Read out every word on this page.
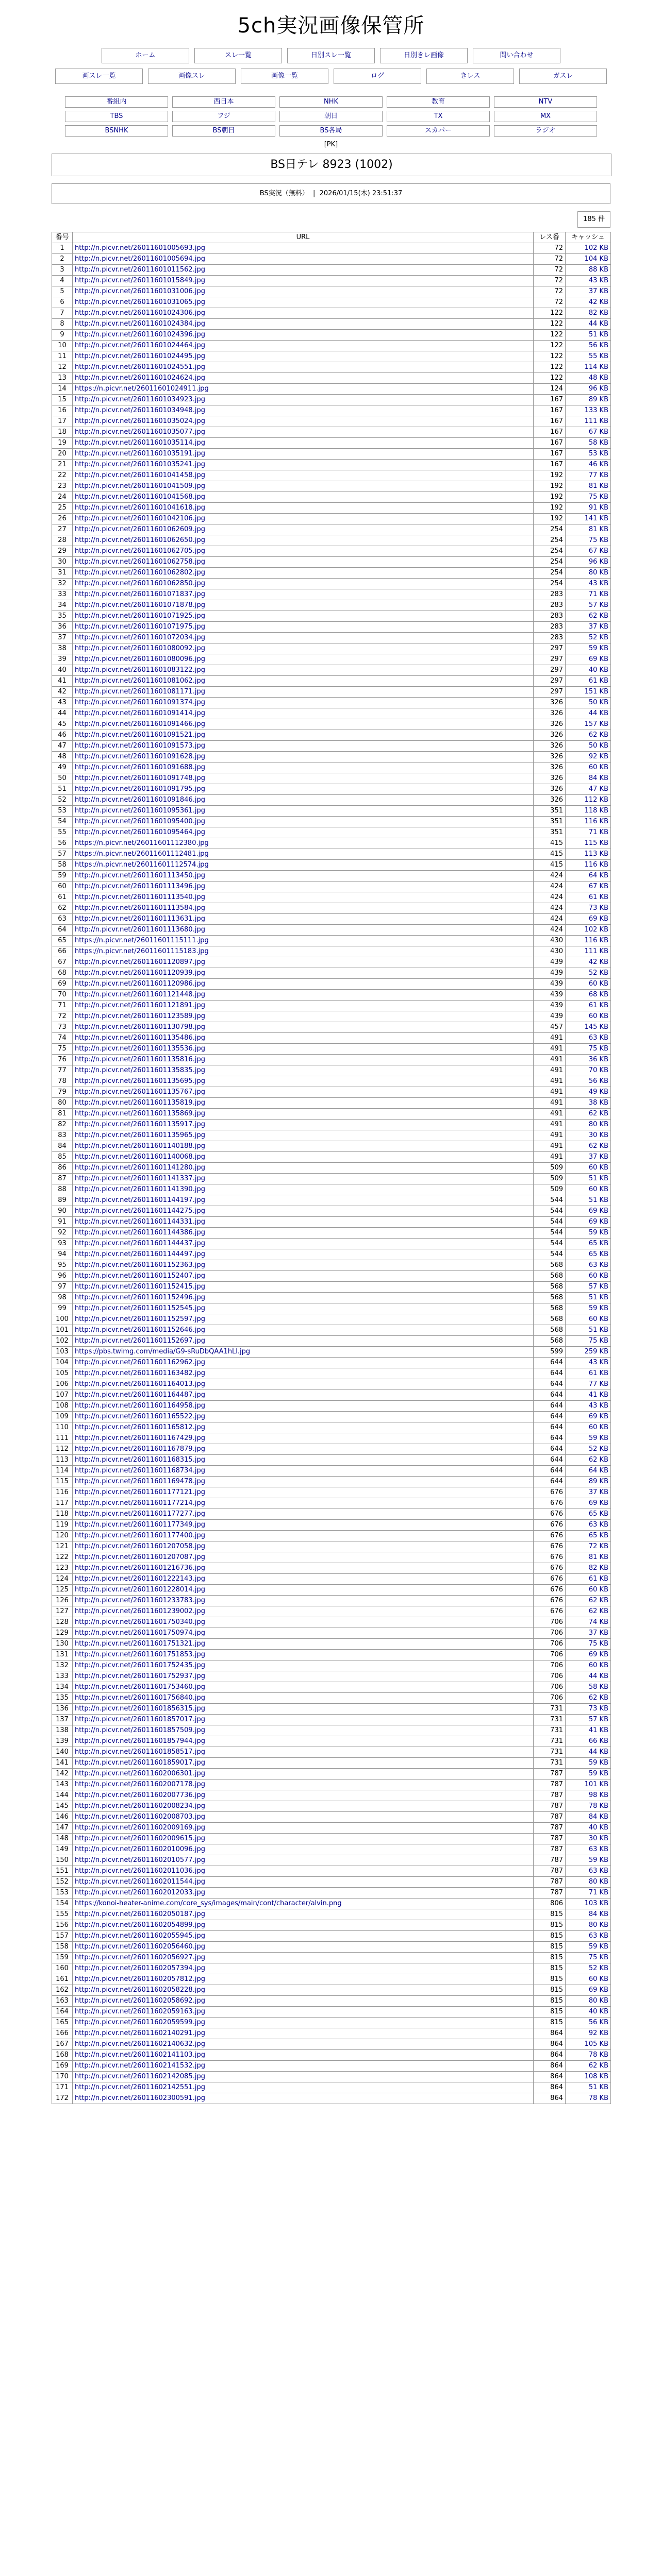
5ch実況画像保管所
ホーム	スレ一覧	日別スレ一覧	日別きレ画像	問い合わせ
画スレ一覧	画像スレ	画像一覧	ログ	きレス	ガスレ
番組内	西日本	NHK	教育	NTV
TBS	フジ	朝日	TX	MX
BSNHK	BS朝日	BS各局	スカパー	ラジオ
[PK]
BS日テレ 8923 (1002)
BS実況（無料）  |  2026/01/15(木) 23:51:37
185 件
番号	URL	レス番	キャッシュ
1	http://n.picvr.net/26011601005693.jpg	72	102 KB
2	http://n.picvr.net/26011601005694.jpg	72	104 KB
3	http://n.picvr.net/26011601011562.jpg	72	88 KB
4	http://n.picvr.net/26011601015849.jpg	72	43 KB
5	http://n.picvr.net/26011601031006.jpg	72	37 KB
6	http://n.picvr.net/26011601031065.jpg	72	42 KB
7	http://n.picvr.net/26011601024306.jpg	122	82 KB
8	http://n.picvr.net/26011601024384.jpg	122	44 KB
9	http://n.picvr.net/26011601024396.jpg	122	51 KB
10	http://n.picvr.net/26011601024464.jpg	122	56 KB
11	http://n.picvr.net/26011601024495.jpg	122	55 KB
12	http://n.picvr.net/26011601024551.jpg	122	114 KB
13	http://n.picvr.net/26011601024624.jpg	122	48 KB
14	https://n.picvr.net/26011601024911.jpg	124	96 KB
15	http://n.picvr.net/26011601034923.jpg	167	89 KB
16	http://n.picvr.net/26011601034948.jpg	167	133 KB
17	http://n.picvr.net/26011601035024.jpg	167	111 KB
18	http://n.picvr.net/26011601035077.jpg	167	67 KB
19	http://n.picvr.net/26011601035114.jpg	167	58 KB
20	http://n.picvr.net/26011601035191.jpg	167	53 KB
21	http://n.picvr.net/26011601035241.jpg	167	46 KB
22	http://n.picvr.net/26011601041458.jpg	192	77 KB
23	http://n.picvr.net/26011601041509.jpg	192	81 KB
24	http://n.picvr.net/26011601041568.jpg	192	75 KB
25	http://n.picvr.net/26011601041618.jpg	192	91 KB
26	http://n.picvr.net/26011601042106.jpg	192	141 KB
27	http://n.picvr.net/26011601062609.jpg	254	81 KB
28	http://n.picvr.net/26011601062650.jpg	254	75 KB
29	http://n.picvr.net/26011601062705.jpg	254	67 KB
30	http://n.picvr.net/26011601062758.jpg	254	96 KB
31	http://n.picvr.net/26011601062802.jpg	254	80 KB
32	http://n.picvr.net/26011601062850.jpg	254	43 KB
33	http://n.picvr.net/26011601071837.jpg	283	71 KB
34	http://n.picvr.net/26011601071878.jpg	283	57 KB
35	http://n.picvr.net/26011601071925.jpg	283	62 KB
36	http://n.picvr.net/26011601071975.jpg	283	37 KB
37	http://n.picvr.net/26011601072034.jpg	283	52 KB
38	http://n.picvr.net/26011601080092.jpg	297	59 KB
39	http://n.picvr.net/26011601080096.jpg	297	69 KB
40	http://n.picvr.net/26011601083122.jpg	297	40 KB
41	http://n.picvr.net/26011601081062.jpg	297	61 KB
42	http://n.picvr.net/26011601081171.jpg	297	151 KB
43	http://n.picvr.net/26011601091374.jpg	326	50 KB
44	http://n.picvr.net/26011601091414.jpg	326	44 KB
45	http://n.picvr.net/26011601091466.jpg	326	157 KB
46	http://n.picvr.net/26011601091521.jpg	326	62 KB
47	http://n.picvr.net/26011601091573.jpg	326	50 KB
48	http://n.picvr.net/26011601091628.jpg	326	92 KB
49	http://n.picvr.net/26011601091688.jpg	326	60 KB
50	http://n.picvr.net/26011601091748.jpg	326	84 KB
51	http://n.picvr.net/26011601091795.jpg	326	47 KB
52	http://n.picvr.net/26011601091846.jpg	326	112 KB
53	http://n.picvr.net/26011601095361.jpg	351	118 KB
54	http://n.picvr.net/26011601095400.jpg	351	116 KB
55	http://n.picvr.net/26011601095464.jpg	351	71 KB
56	https://n.picvr.net/26011601112380.jpg	415	115 KB
57	https://n.picvr.net/26011601112481.jpg	415	113 KB
58	https://n.picvr.net/26011601112574.jpg	415	116 KB
59	http://n.picvr.net/26011601113450.jpg	424	64 KB
60	http://n.picvr.net/26011601113496.jpg	424	67 KB
61	http://n.picvr.net/26011601113540.jpg	424	61 KB
62	http://n.picvr.net/26011601113584.jpg	424	73 KB
63	http://n.picvr.net/26011601113631.jpg	424	69 KB
64	http://n.picvr.net/26011601113680.jpg	424	102 KB
65	https://n.picvr.net/26011601115111.jpg	430	116 KB
66	https://n.picvr.net/26011601115183.jpg	430	111 KB
67	http://n.picvr.net/26011601120897.jpg	439	42 KB
68	http://n.picvr.net/26011601120939.jpg	439	52 KB
69	http://n.picvr.net/26011601120986.jpg	439	60 KB
70	http://n.picvr.net/26011601121448.jpg	439	68 KB
71	http://n.picvr.net/26011601121891.jpg	439	61 KB
72	http://n.picvr.net/26011601123589.jpg	439	60 KB
73	http://n.picvr.net/26011601130798.jpg	457	145 KB
74	http://n.picvr.net/26011601135486.jpg	491	63 KB
75	http://n.picvr.net/26011601135536.jpg	491	75 KB
76	http://n.picvr.net/26011601135816.jpg	491	36 KB
77	http://n.picvr.net/26011601135835.jpg	491	70 KB
78	http://n.picvr.net/26011601135695.jpg	491	56 KB
79	http://n.picvr.net/26011601135767.jpg	491	49 KB
80	http://n.picvr.net/26011601135819.jpg	491	38 KB
81	http://n.picvr.net/26011601135869.jpg	491	62 KB
82	http://n.picvr.net/26011601135917.jpg	491	80 KB
83	http://n.picvr.net/26011601135965.jpg	491	30 KB
84	http://n.picvr.net/26011601140188.jpg	491	62 KB
85	http://n.picvr.net/26011601140068.jpg	491	37 KB
86	http://n.picvr.net/26011601141280.jpg	509	60 KB
87	http://n.picvr.net/26011601141337.jpg	509	51 KB
88	http://n.picvr.net/26011601141390.jpg	509	60 KB
89	http://n.picvr.net/26011601144197.jpg	544	51 KB
90	http://n.picvr.net/26011601144275.jpg	544	69 KB
91	http://n.picvr.net/26011601144331.jpg	544	69 KB
92	http://n.picvr.net/26011601144386.jpg	544	59 KB
93	http://n.picvr.net/26011601144437.jpg	544	65 KB
94	http://n.picvr.net/26011601144497.jpg	544	65 KB
95	http://n.picvr.net/26011601152363.jpg	568	63 KB
96	http://n.picvr.net/26011601152407.jpg	568	60 KB
97	http://n.picvr.net/26011601152415.jpg	568	57 KB
98	http://n.picvr.net/26011601152496.jpg	568	51 KB
99	http://n.picvr.net/26011601152545.jpg	568	59 KB
100	http://n.picvr.net/26011601152597.jpg	568	60 KB
101	http://n.picvr.net/26011601152646.jpg	568	51 KB
102	http://n.picvr.net/26011601152697.jpg	568	75 KB
103	https://pbs.twimg.com/media/G9-sRuDbQAA1hLl.jpg	599	259 KB
104	http://n.picvr.net/26011601162962.jpg	644	43 KB
105	http://n.picvr.net/26011601163482.jpg	644	61 KB
106	http://n.picvr.net/26011601164013.jpg	644	77 KB
107	http://n.picvr.net/26011601164487.jpg	644	41 KB
108	http://n.picvr.net/26011601164958.jpg	644	43 KB
109	http://n.picvr.net/26011601165522.jpg	644	69 KB
110	http://n.picvr.net/26011601165812.jpg	644	60 KB
111	http://n.picvr.net/26011601167429.jpg	644	59 KB
112	http://n.picvr.net/26011601167879.jpg	644	52 KB
113	http://n.picvr.net/26011601168315.jpg	644	62 KB
114	http://n.picvr.net/26011601168734.jpg	644	64 KB
115	http://n.picvr.net/26011601169478.jpg	644	89 KB
116	http://n.picvr.net/26011601177121.jpg	676	37 KB
117	http://n.picvr.net/26011601177214.jpg	676	69 KB
118	http://n.picvr.net/26011601177277.jpg	676	65 KB
119	http://n.picvr.net/26011601177349.jpg	676	63 KB
120	http://n.picvr.net/26011601177400.jpg	676	65 KB
121	http://n.picvr.net/26011601207058.jpg	676	72 KB
122	http://n.picvr.net/26011601207087.jpg	676	81 KB
123	http://n.picvr.net/26011601216736.jpg	676	82 KB
124	http://n.picvr.net/26011601222143.jpg	676	61 KB
125	http://n.picvr.net/26011601228014.jpg	676	60 KB
126	http://n.picvr.net/26011601233783.jpg	676	62 KB
127	http://n.picvr.net/26011601239002.jpg	676	62 KB
128	http://n.picvr.net/26011601750340.jpg	706	74 KB
129	http://n.picvr.net/26011601750974.jpg	706	37 KB
130	http://n.picvr.net/26011601751321.jpg	706	75 KB
131	http://n.picvr.net/26011601751853.jpg	706	69 KB
132	http://n.picvr.net/26011601752435.jpg	706	60 KB
133	http://n.picvr.net/26011601752937.jpg	706	44 KB
134	http://n.picvr.net/26011601753460.jpg	706	58 KB
135	http://n.picvr.net/26011601756840.jpg	706	62 KB
136	http://n.picvr.net/26011601856315.jpg	731	73 KB
137	http://n.picvr.net/26011601857017.jpg	731	57 KB
138	http://n.picvr.net/26011601857509.jpg	731	41 KB
139	http://n.picvr.net/26011601857944.jpg	731	66 KB
140	http://n.picvr.net/26011601858517.jpg	731	44 KB
141	http://n.picvr.net/26011601859017.jpg	731	59 KB
142	http://n.picvr.net/26011602006301.jpg	787	59 KB
143	http://n.picvr.net/26011602007178.jpg	787	101 KB
144	http://n.picvr.net/26011602007736.jpg	787	98 KB
145	http://n.picvr.net/26011602008234.jpg	787	78 KB
146	http://n.picvr.net/26011602008703.jpg	787	84 KB
147	http://n.picvr.net/26011602009169.jpg	787	40 KB
148	http://n.picvr.net/26011602009615.jpg	787	30 KB
149	http://n.picvr.net/26011602010096.jpg	787	63 KB
150	http://n.picvr.net/26011602010577.jpg	787	59 KB
151	http://n.picvr.net/26011602011036.jpg	787	63 KB
152	http://n.picvr.net/26011602011544.jpg	787	80 KB
153	http://n.picvr.net/26011602012033.jpg	787	71 KB
154	https://konoi-heater-anime.com/core_sys/images/main/cont/character/alvin.png	806	103 KB
155	http://n.picvr.net/26011602050187.jpg	815	84 KB
156	http://n.picvr.net/26011602054899.jpg	815	80 KB
157	http://n.picvr.net/26011602055945.jpg	815	63 KB
158	http://n.picvr.net/26011602056460.jpg	815	59 KB
159	http://n.picvr.net/26011602056927.jpg	815	75 KB
160	http://n.picvr.net/26011602057394.jpg	815	52 KB
161	http://n.picvr.net/26011602057812.jpg	815	60 KB
162	http://n.picvr.net/26011602058228.jpg	815	69 KB
163	http://n.picvr.net/26011602058692.jpg	815	80 KB
164	http://n.picvr.net/26011602059163.jpg	815	40 KB
165	http://n.picvr.net/26011602059599.jpg	815	56 KB
166	http://n.picvr.net/26011602140291.jpg	864	92 KB
167	http://n.picvr.net/26011602140632.jpg	864	105 KB
168	http://n.picvr.net/26011602141103.jpg	864	78 KB
169	http://n.picvr.net/26011602141532.jpg	864	62 KB
170	http://n.picvr.net/26011602142085.jpg	864	108 KB
171	http://n.picvr.net/26011602142551.jpg	864	51 KB
172	http://n.picvr.net/26011602300591.jpg	864	78 KB
